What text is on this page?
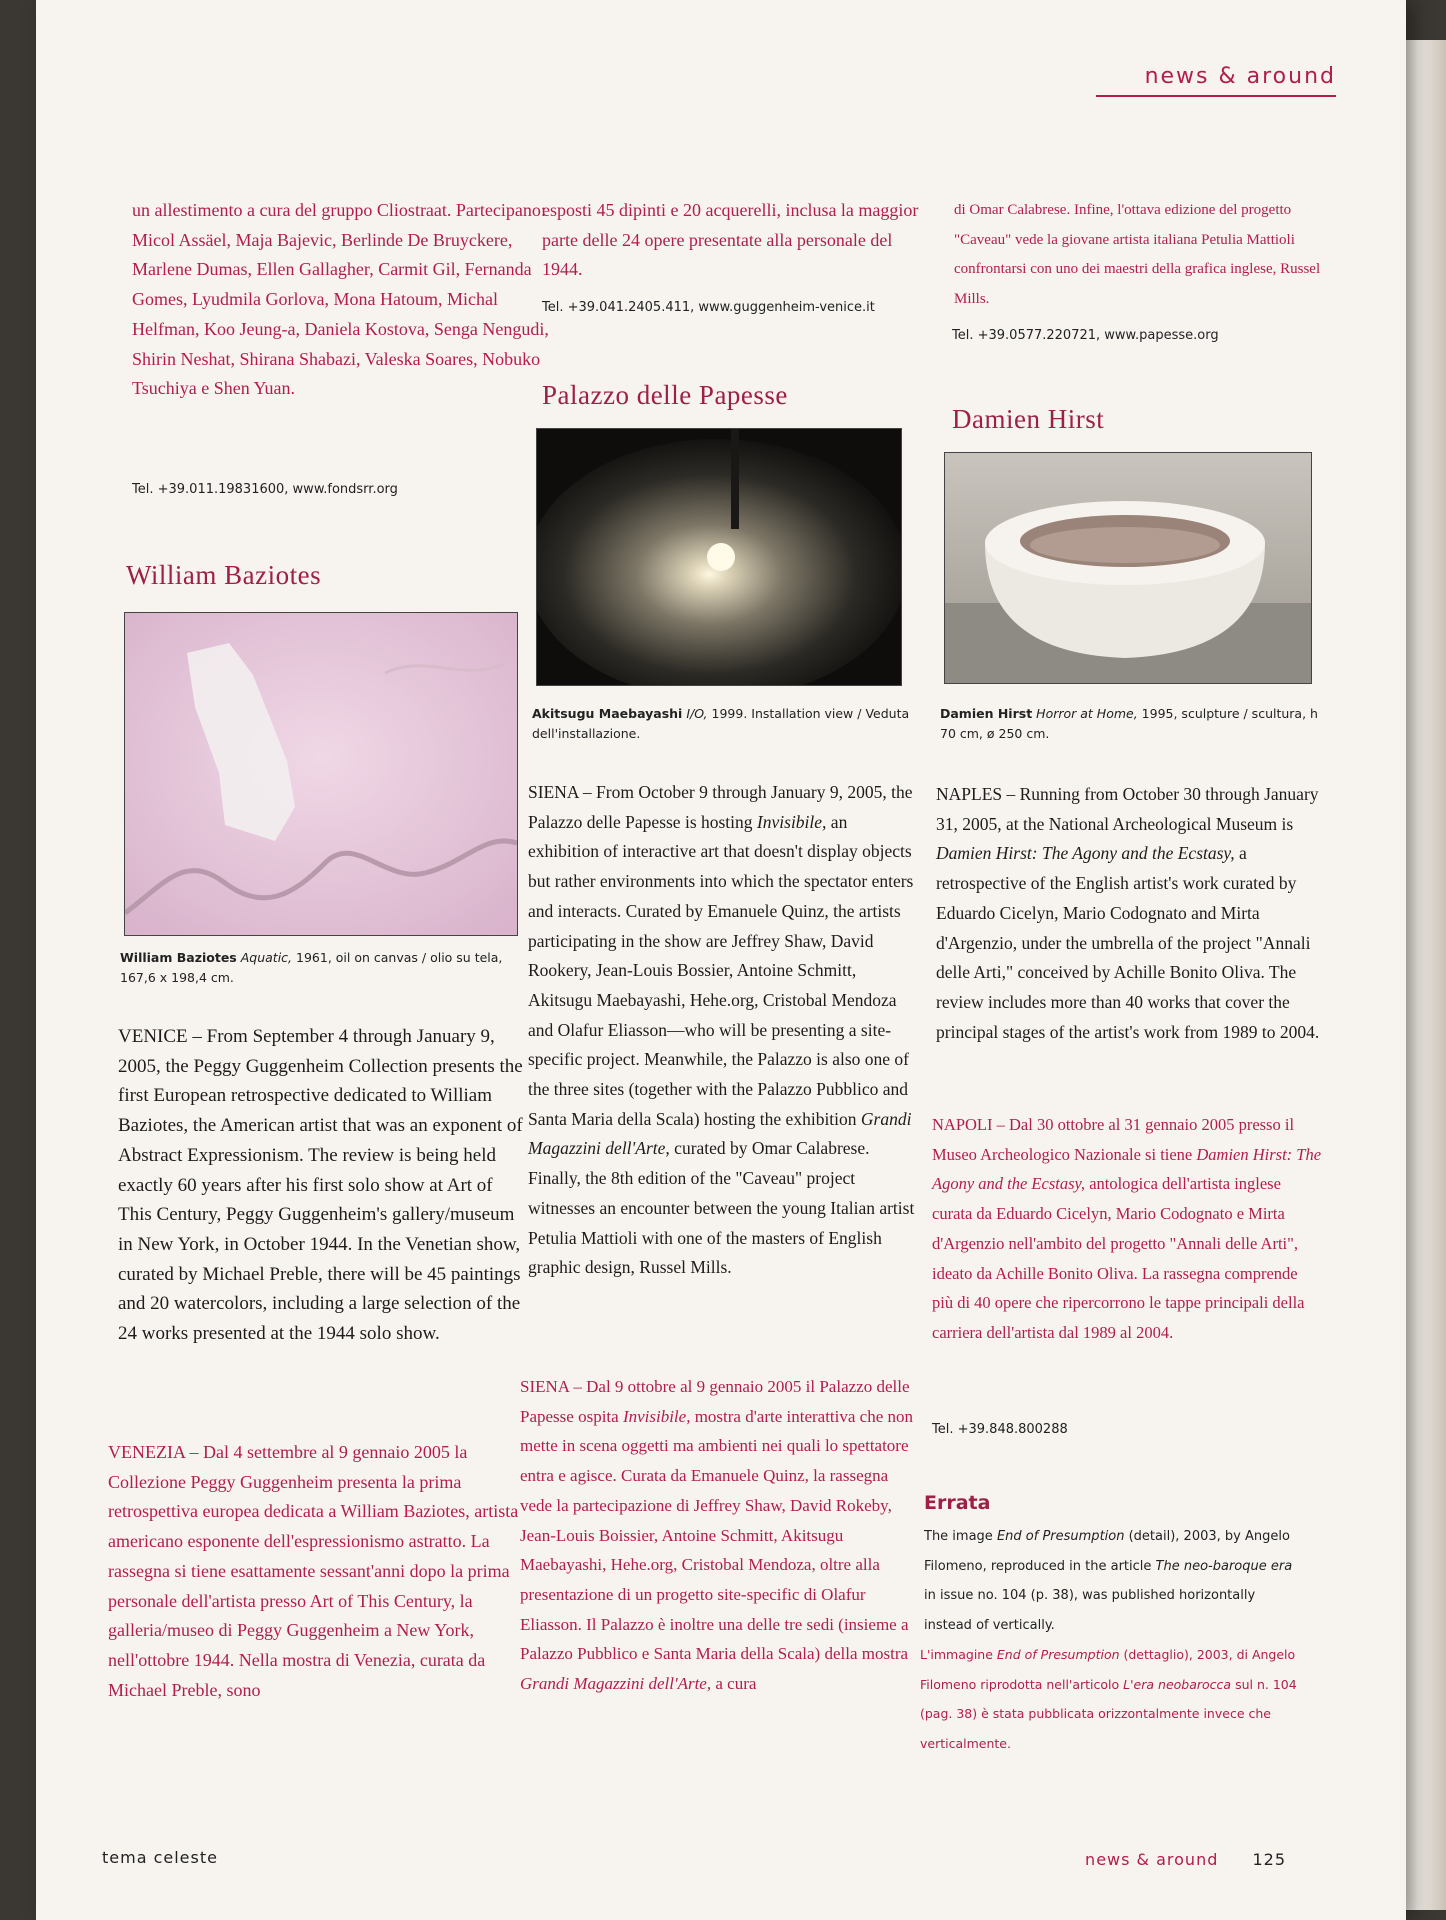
news & around

un allestimento a cura del gruppo Cliostraat. Partecipano: Micol Assäel, Maja Bajevic, Berlinde De Bruyckere, Marlene Dumas, Ellen Gallagher, Carmit Gil, Fernanda Gomes, Lyudmila Gorlova, Mona Hatoum, Michal Helfman, Koo Jeung-a, Daniela Kostova, Senga Nengudi, Shirin Neshat, Shirana Shabazi, Valeska Soares, Nobuko Tsuchiya e Shen Yuan.

Tel. +39.011.19831600, www.fondsrr.org

William Baziotes

William Baziotes Aquatic, 1961, oil on canvas / olio su tela, 167,6 x 198,4 cm.

VENICE – From September 4 through January 9, 2005, the Peggy Guggenheim Collection presents the first European retrospective dedicated to William Baziotes, the American artist that was an exponent of Abstract Expressionism. The review is being held exactly 60 years after his first solo show at Art of This Century, Peggy Guggenheim's gallery/museum in New York, in October 1944. In the Venetian show, curated by Michael Preble, there will be 45 paintings and 20 watercolors, including a large selection of the 24 works presented at the 1944 solo show.

VENEZIA – Dal 4 settembre al 9 gennaio 2005 la Collezione Peggy Guggenheim presenta la prima retrospettiva europea dedicata a William Baziotes, artista americano esponente dell'espressionismo astratto. La rassegna si tiene esattamente sessant'anni dopo la prima personale dell'artista presso Art of This Century, la galleria/museo di Peggy Guggenheim a New York, nell'ottobre 1944. Nella mostra di Venezia, curata da Michael Preble, sono

esposti 45 dipinti e 20 acquerelli, inclusa la maggior parte delle 24 opere presentate alla personale del 1944.

Tel. +39.041.2405.411, www.guggenheim-venice.it

Palazzo delle Papesse

Akitsugu Maebayashi I/O, 1999. Installation view / Veduta dell'installazione.

SIENA – From October 9 through January 9, 2005, the Palazzo delle Papesse is hosting Invisibile, an exhibition of interactive art that doesn't display objects but rather environments into which the spectator enters and interacts. Curated by Emanuele Quinz, the artists participating in the show are Jeffrey Shaw, David Rookery, Jean-Louis Bossier, Antoine Schmitt, Akitsugu Maebayashi, Hehe.org, Cristobal Mendoza and Olafur Eliasson—who will be presenting a site-specific project. Meanwhile, the Palazzo is also one of the three sites (together with the Palazzo Pubblico and Santa Maria della Scala) hosting the exhibition Grandi Magazzini dell'Arte, curated by Omar Calabrese. Finally, the 8th edition of the "Caveau" project witnesses an encounter between the young Italian artist Petulia Mattioli with one of the masters of English graphic design, Russel Mills.

SIENA – Dal 9 ottobre al 9 gennaio 2005 il Palazzo delle Papesse ospita Invisibile, mostra d'arte interattiva che non mette in scena oggetti ma ambienti nei quali lo spettatore entra e agisce. Curata da Emanuele Quinz, la rassegna vede la partecipazione di Jeffrey Shaw, David Rokeby, Jean-Louis Boissier, Antoine Schmitt, Akitsugu Maebayashi, Hehe.org, Cristobal Mendoza, oltre alla presentazione di un progetto site-specific di Olafur Eliasson. Il Palazzo è inoltre una delle tre sedi (insieme a Palazzo Pubblico e Santa Maria della Scala) della mostra Grandi Magazzini dell'Arte, a cura

di Omar Calabrese. Infine, l'ottava edizione del progetto "Caveau" vede la giovane artista italiana Petulia Mattioli confrontarsi con uno dei maestri della grafica inglese, Russel Mills.

Tel. +39.0577.220721, www.papesse.org

Damien Hirst

Damien Hirst Horror at Home, 1995, sculpture / scultura, h 70 cm, ø 250 cm.

NAPLES – Running from October 30 through January 31, 2005, at the National Archeological Museum is Damien Hirst: The Agony and the Ecstasy, a retrospective of the English artist's work curated by Eduardo Cicelyn, Mario Codognato and Mirta d'Argenzio, under the umbrella of the project "Annali delle Arti," conceived by Achille Bonito Oliva. The review includes more than 40 works that cover the principal stages of the artist's work from 1989 to 2004.

NAPOLI – Dal 30 ottobre al 31 gennaio 2005 presso il Museo Archeologico Nazionale si tiene Damien Hirst: The Agony and the Ecstasy, antologica dell'artista inglese curata da Eduardo Cicelyn, Mario Codognato e Mirta d'Argenzio nell'ambito del progetto "Annali delle Arti", ideato da Achille Bonito Oliva. La rassegna comprende più di 40 opere che ripercorrono le tappe principali della carriera dell'artista dal 1989 al 2004.

Tel. +39.848.800288

Errata

The image End of Presumption (detail), 2003, by Angelo Filomeno, reproduced in the article The neo-baroque era in issue no. 104 (p. 38), was published horizontally instead of vertically.

L'immagine End of Presumption (dettaglio), 2003, di Angelo Filomeno riprodotta nell'articolo L'era neobarocca sul n. 104 (pag. 38) è stata pubblicata orizzontalmente invece che verticalmente.

tema celeste	news & around 125
